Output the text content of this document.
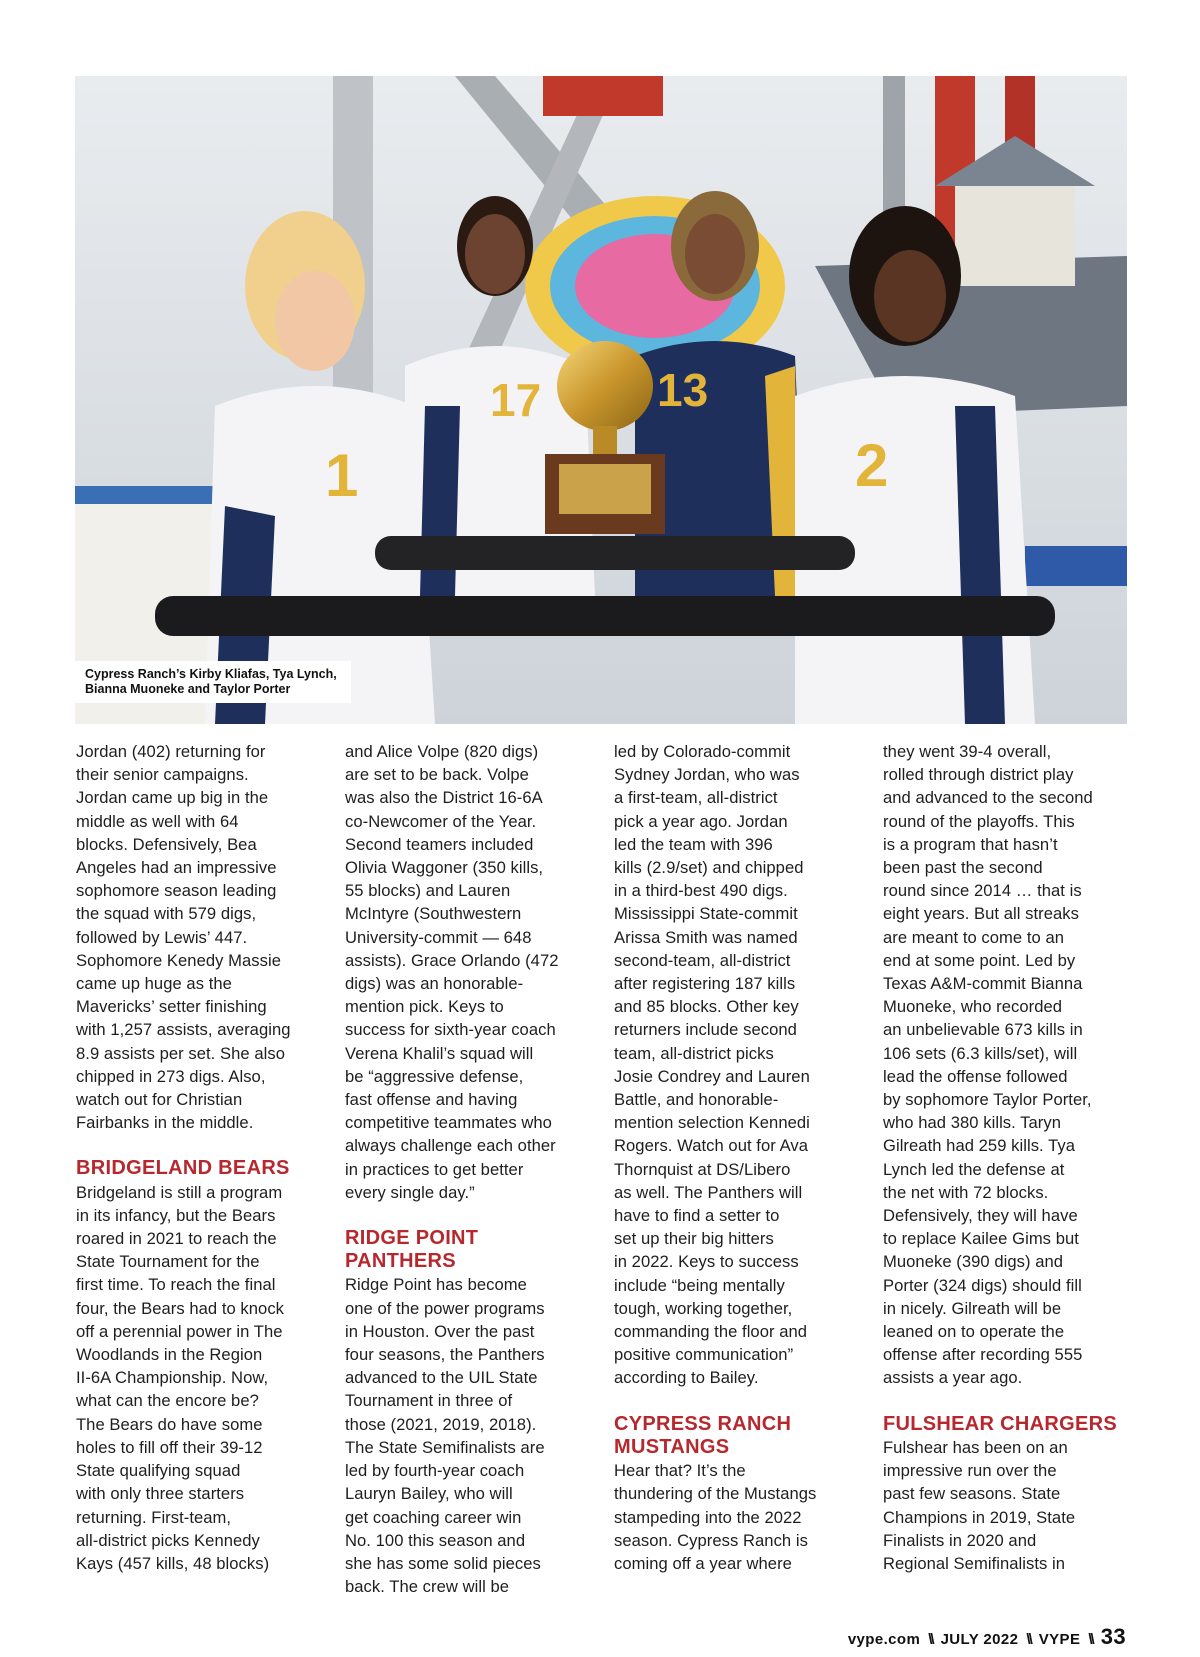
1
17	13
2
Cypress Ranch’s Kirby Kliafas, Tya Lynch,
Bianna Muoneke and Taylor Porter

Jordan (402) returning for
their senior campaigns.
Jordan came up big in the
middle as well with 64
blocks. Defensively, Bea
Angeles had an impressive
sophomore season leading
the squad with 579 digs,
followed by Lewis’ 447.
Sophomore Kenedy Massie
came up huge as the
Mavericks’ setter finishing
with 1,257 assists, averaging
8.9 assists per set. She also
chipped in 273 digs. Also,
watch out for Christian
Fairbanks in the middle.

BRIDGELAND BEARS

Bridgeland is still a program
in its infancy, but the Bears
roared in 2021 to reach the
State Tournament for the
first time. To reach the final
four, the Bears had to knock
off a perennial power in The
Woodlands in the Region
II-6A Championship. Now,
what can the encore be?
The Bears do have some
holes to fill off their 39-12
State qualifying squad
with only three starters
returning. First-team,
all-district picks Kennedy
Kays (457 kills, 48 blocks)

and Alice Volpe (820 digs)
are set to be back. Volpe
was also the District 16-6A
co-Newcomer of the Year.
Second teamers included
Olivia Waggoner (350 kills,
55 blocks) and Lauren
McIntyre (Southwestern
University-commit — 648
assists). Grace Orlando (472
digs) was an honorable-
mention pick. Keys to
success for sixth-year coach
Verena Khalil’s squad will
be “aggressive defense,
fast offense and having
competitive teammates who
always challenge each other
in practices to get better
every single day.”

RIDGE POINT PANTHERS

Ridge Point has become
one of the power programs
in Houston. Over the past
four seasons, the Panthers
advanced to the UIL State
Tournament in three of
those (2021, 2019, 2018).
The State Semifinalists are
led by fourth-year coach
Lauryn Bailey, who will
get coaching career win
No. 100 this season and
she has some solid pieces
back. The crew will be

led by Colorado-commit
Sydney Jordan, who was
a first-team, all-district
pick a year ago. Jordan
led the team with 396
kills (2.9/set) and chipped
in a third-best 490 digs.
Mississippi State-commit
Arissa Smith was named
second-team, all-district
after registering 187 kills
and 85 blocks. Other key
returners include second
team, all-district picks
Josie Condrey and Lauren
Battle, and honorable-
mention selection Kennedi
Rogers. Watch out for Ava
Thornquist at DS/Libero
as well. The Panthers will
have to find a setter to
set up their big hitters
in 2022. Keys to success
include “being mentally
tough, working together,
commanding the floor and
positive communication”
according to Bailey.

CYPRESS RANCH
MUSTANGS

Hear that? It’s the
thundering of the Mustangs
stampeding into the 2022
season. Cypress Ranch is
coming off a year where

they went 39-4 overall,
rolled through district play
and advanced to the second
round of the playoffs. This
is a program that hasn’t
been past the second
round since 2014 … that is
eight years. But all streaks
are meant to come to an
end at some point. Led by
Texas A&M-commit Bianna
Muoneke, who recorded
an unbelievable 673 kills in
106 sets (6.3 kills/set), will
lead the offense followed
by sophomore Taylor Porter,
who had 380 kills. Taryn
Gilreath had 259 kills. Tya
Lynch led the defense at
the net with 72 blocks.
Defensively, they will have
to replace Kailee Gims but
Muoneke (390 digs) and
Porter (324 digs) should fill
in nicely. Gilreath will be
leaned on to operate the
offense after recording 555
assists a year ago.

FULSHEAR CHARGERS

Fulshear has been on an
impressive run over the
past few seasons. State
Champions in 2019, State
Finalists in 2020 and
Regional Semifinalists in

vype.com \\ JULY 2022 \\ VYPE \\ 33
